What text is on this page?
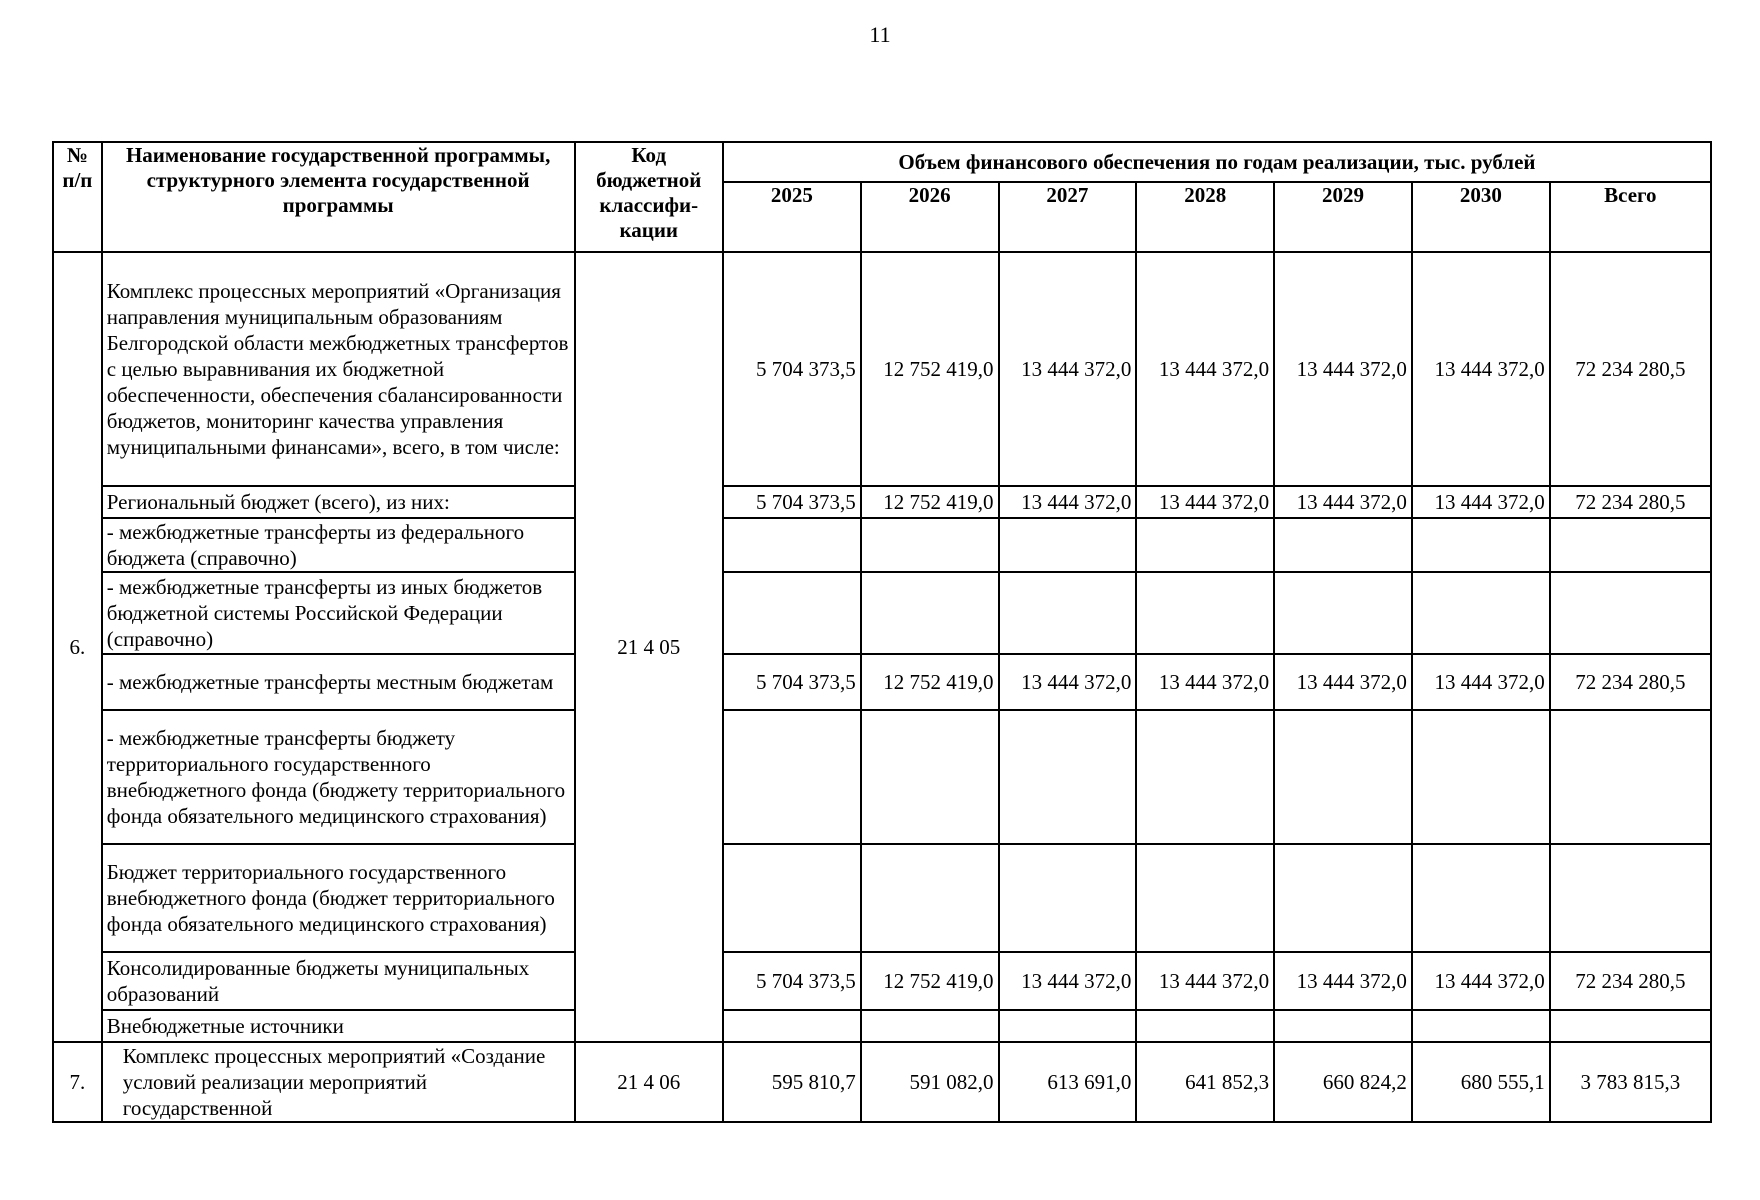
11
№ п/п	Наименование государственной программы, структурного элемента государственной программы	Код бюджетной классифи-кации	Объем финансового обеспечения по годам реализации, тыс. рублей						
			2025	2026	2027	2028	2029	2030	Всего
6.	Комплекс процессных мероприятий «Организация направления муниципальным образованиям Белгородской области межбюджетных трансфертов с целью выравнивания их бюджетной обеспеченности, обеспечения сбалансированности бюджетов, мониторинг качества управления муниципальными финансами», всего, в том числе:	21 4 05	5 704 373,5	12 752 419,0	13 444 372,0	13 444 372,0	13 444 372,0	13 444 372,0	72 234 280,5
	Региональный бюджет (всего), из них:		5 704 373,5	12 752 419,0	13 444 372,0	13 444 372,0	13 444 372,0	13 444 372,0	72 234 280,5
	- межбюджетные трансферты из федерального бюджета (справочно)								
	- межбюджетные трансферты из иных бюджетов бюджетной системы Российской Федерации (справочно)								
	- межбюджетные трансферты местным бюджетам		5 704 373,5	12 752 419,0	13 444 372,0	13 444 372,0	13 444 372,0	13 444 372,0	72 234 280,5
	- межбюджетные трансферты бюджету территориального государственного внебюджетного фонда (бюджету территориального фонда обязательного медицинского страхования)								
	Бюджет территориального государственного внебюджетного фонда (бюджет территориального фонда обязательного медицинского страхования)								
	Консолидированные бюджеты муниципальных образований		5 704 373,5	12 752 419,0	13 444 372,0	13 444 372,0	13 444 372,0	13 444 372,0	72 234 280,5
	Внебюджетные источники								
7.	Комплекс процессных мероприятий «Создание условий реализации мероприятий государственной	21 4 06	595 810,7	591 082,0	613 691,0	641 852,3	660 824,2	680 555,1	3 783 815,3
